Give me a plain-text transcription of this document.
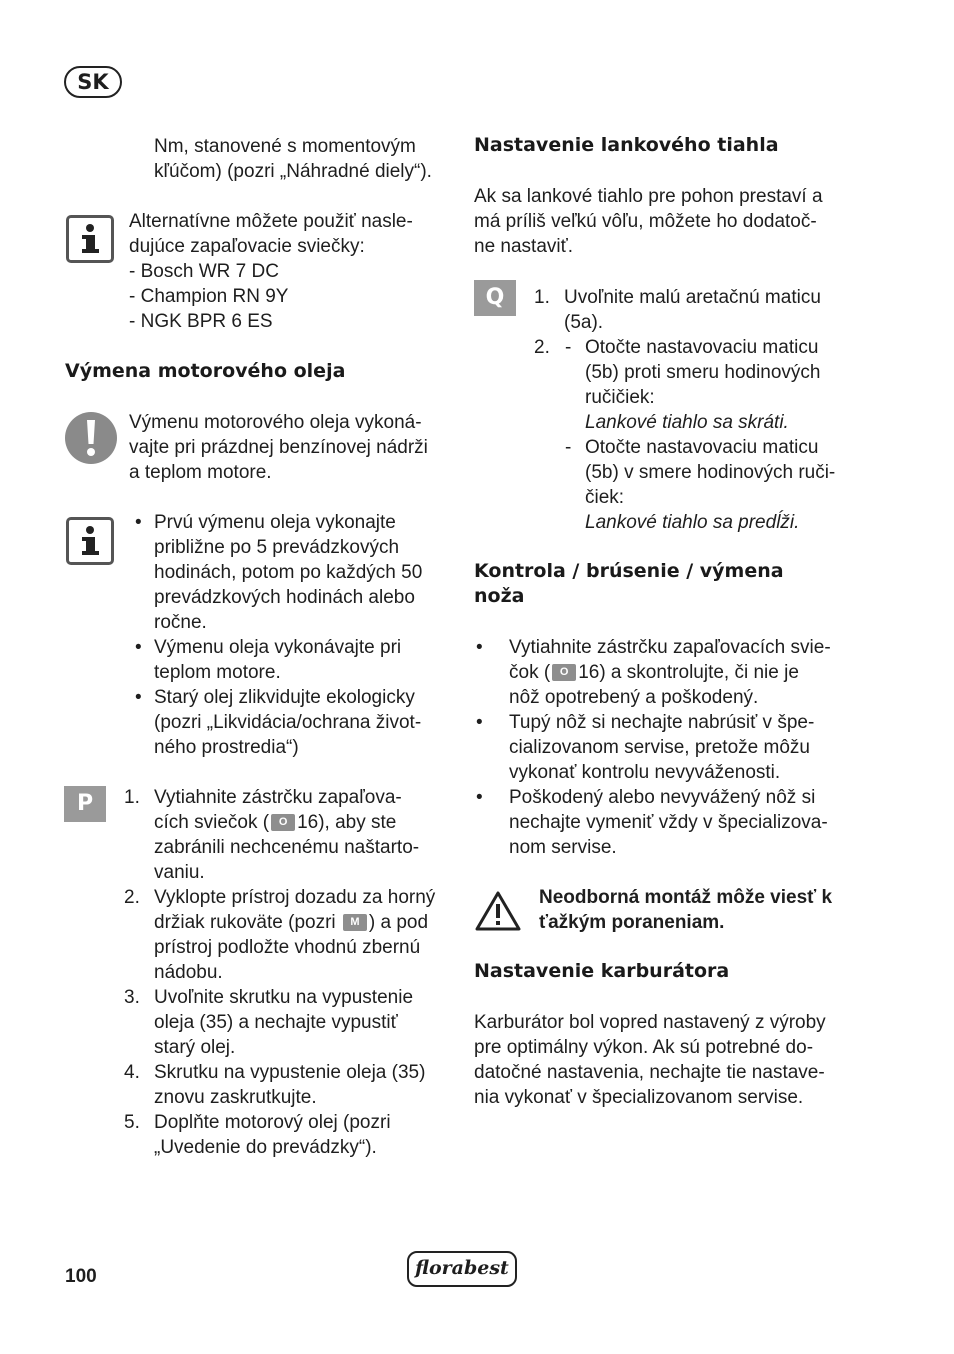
SK
Nm, stanovené s momentovým
kľúčom) (pozri „Náhradné diely“).
Alternatívne môžete použiť nasle-
dujúce zapaľovacie sviečky:
- Bosch WR 7 DC
- Champion RN 9Y
- NGK BPR 6 ES
Výmena motorového oleja
Výmenu motorového oleja vykoná-
vajte pri prázdnej benzínovej nádrži
a teplom motore.
• Prvú výmenu oleja vykonajte
približne po 5 prevádzkových
hodinách, potom po každých 50
prevádzkových hodinách alebo
ročne.
• Výmenu oleja vykonávajte pri
teplom motore.
• Starý olej zlikvidujte ekologicky
(pozri „Likvidácia/ochrana život-
ného prostredia“)
P	1. Vytiahnite zástrčku zapaľova-
cích sviečok ( O 16), aby ste
zabránili nechcenému naštarto-
vaniu.
2. Vyklopte prístroj dozadu za horný
držiak rukoväte (pozri M ) a pod
prístroj podložte vhodnú zbernú
nádobu.
3. Uvoľnite skrutku na vypustenie
oleja (35) a nechajte vypustiť
starý olej.
4. Skrutku na vypustenie oleja (35)
znovu zaskrutkujte.
5. Doplňte motorový olej (pozri
„Uvedenie do prevádzky“).
Nastavenie lankového tiahla
Ak sa lankové tiahlo pre pohon prestaví a
má príliš veľkú vôľu, môžete ho dodatoč-
ne nastaviť.
Q	1. Uvoľnite malú aretačnú maticu
(5a).
2. - Otočte nastavovaciu maticu
(5b) proti smeru hodinových
ručičiek:
Lankové tiahlo sa skráti.
- Otočte nastavovaciu maticu
(5b) v smere hodinových ruči-
čiek:
Lankové tiahlo sa predĺži.
Kontrola / brúsenie / výmena
noža
• Vytiahnite zástrčku zapaľovacích svie-
čok ( O 16) a skontrolujte, či nie je
nôž opotrebený a poškodený.
• Tupý nôž si nechajte nabrúsiť v špe-
cializovanom servise, pretože môžu
vykonať kontrolu nevyváženosti.
• Poškodený alebo nevyvážený nôž si
nechajte vymeniť vždy v špecializova-
nom servise.
Neodborná montáž môže viesť k
ťažkým poraneniam.
Nastavenie karburátora
Karburátor bol vopred nastavený z výroby
pre optimálny výkon. Ak sú potrebné do-
datočné nastavenia, nechajte tie nastave-
nia vykonať v špecializovanom servise.
100	florabest
